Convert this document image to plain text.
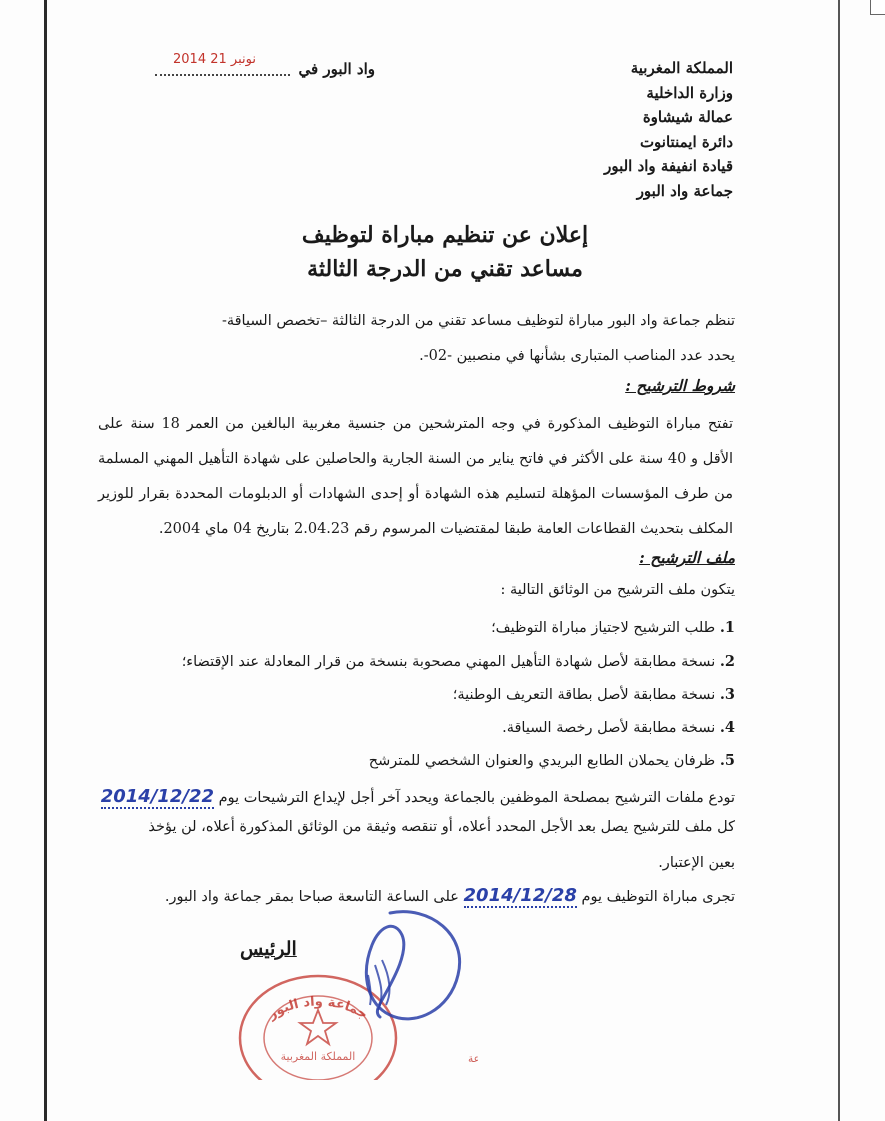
المملكة المغربية
وزارة الداخلية
عمالة شيشاوة
دائرة ايمنتانوت
قيادة انفيفة واد البور
جماعة واد البور
واد البور في
2014 نونبر 21
إعلان عن تنظيم مباراة لتوظيف
مساعد تقني من الدرجة الثالثة
تنظم جماعة واد البور مباراة لتوظيف مساعد تقني من الدرجة الثالثة –تخصص السياقة-
يحدد عدد المناصب المتبارى بشأنها في منصبين -02-.
شروط الترشيح :
تفتح مباراة التوظيف المذكورة في وجه المترشحين من جنسية مغربية البالغين من العمر 18 سنة على الأقل و 40 سنة على الأكثر في فاتح يناير من السنة الجارية والحاصلين على شهادة التأهيل المهني المسلمة من طرف المؤسسات المؤهلة لتسليم هذه الشهادة أو إحدى الشهادات أو الدبلومات المحددة بقرار للوزير المكلف بتحديث القطاعات العامة طبقا لمقتضيات المرسوم رقم 2.04.23 بتاريخ 04 ماي 2004.
ملف الترشيح :
يتكون ملف الترشيح من الوثائق التالية :
1. طلب الترشيح لاجتياز مباراة التوظيف؛
2. نسخة مطابقة لأصل شهادة التأهيل المهني مصحوبة بنسخة من قرار المعادلة عند الإقتضاء؛
3. نسخة مطابقة لأصل بطاقة التعريف الوطنية؛
4. نسخة مطابقة لأصل رخصة السياقة.
5. ظرفان يحملان الطابع البريدي والعنوان الشخصي للمترشح
تودع ملفات الترشيح بمصلحة الموظفين بالجماعة ويحدد آخر أجل لإيداع الترشيحات يوم 2014/12/22
كل ملف للترشيح يصل بعد الأجل المحدد أعلاه، أو تنقصه وثيقة من الوثائق المذكورة أعلاه، لن يؤخذ
بعين الإعتبار.
تجرى مباراة التوظيف يوم 2014/12/28 على الساعة التاسعة صباحا بمقر جماعة واد البور.
جماعة واد البور
المملكة المغربية	عة
الرئيس
